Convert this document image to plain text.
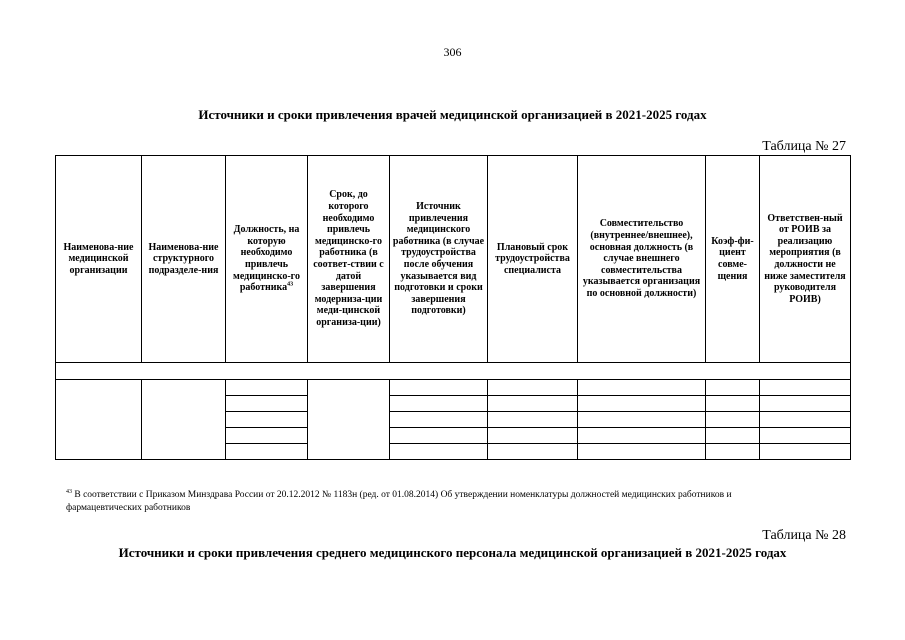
306
Источники и сроки привлечения врачей медицинской организацией в 2021-2025 годах
Таблица № 27
Наименова-ние медицинской организации	Наименова-ние структурного подразделе-ния	Должность, на которую необходимо привлечь медицинско-го работника$^{43}$	Срок, до которого необходимо привлечь медицинско-го работника (в соответ-ствии с датой завершения модерниза-ции меди-цинской организа-ции)	Источник привлечения медицинского работника (в случае трудоустройства после обучения указывается вид подготовки и сроки завершения подготовки)	Плановый срок трудоустройства специалиста	Совместительство (внутреннее/внешнее), основная должность (в случае внешнего совместительства указывается организация по основной должности)	Коэф-фи-циент совме-щения	Ответствен-ный от РОИВ за реализацию мероприятия (в должности не ниже заместителя руководителя РОИВ)

$^{43}$ В соответствии с Приказом Минздрава России от 20.12.2012 № 1183н (ред. от 01.08.2014) Об утверждении номенклатуры должностей медицинских работников и фармацевтических работников
Таблица № 28
Источники и сроки привлечения среднего медицинского персонала медицинской организацией в 2021-2025 годах
